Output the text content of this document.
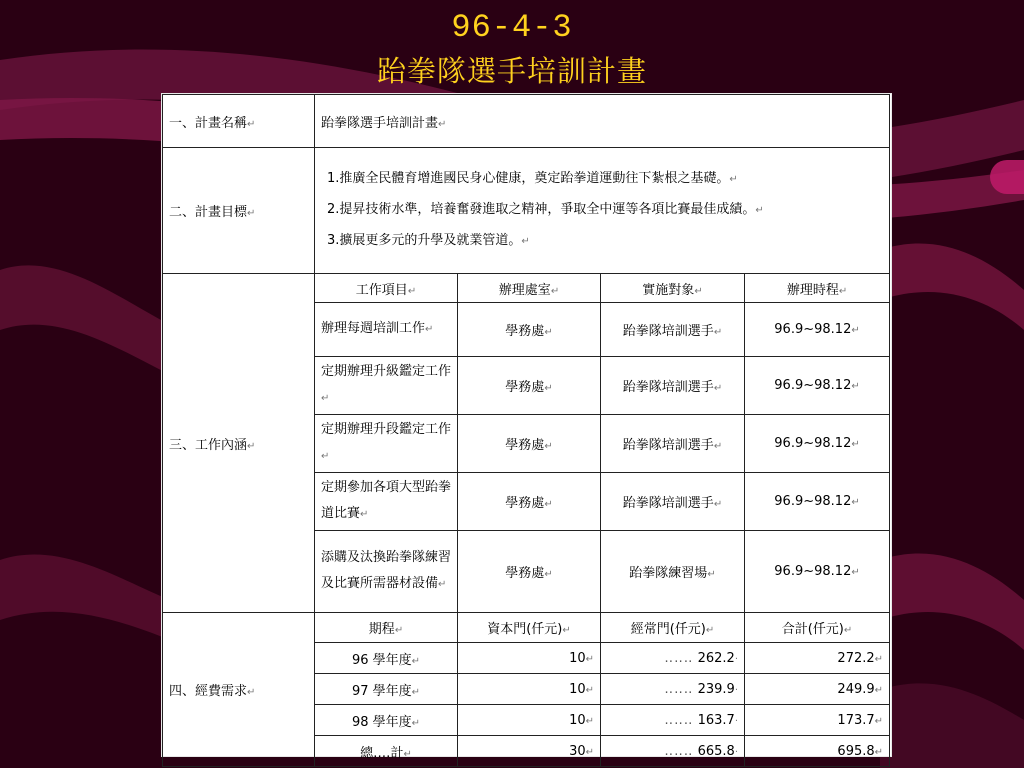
96-4-3
跆拳隊選手培訓計畫
一、計畫名稱↵	跆拳隊選手培訓計畫↵			
二、計畫目標↵	1.推廣全民體育增進國民身心健康，奠定跆拳道運動往下紮根之基礎。↵
2.提昇技術水準，培養奮發進取之精神，爭取全中運等各項比賽最佳成績。↵
3.擴展更多元的升學及就業管道。↵			

三、工作內涵↵	工作項目↵	辦理處室↵	實施對象↵	辦理時程↵
	辦理每週培訓工作↵	學務處↵	跆拳隊培訓選手↵	96.9~98.12↵
	定期辦理升級鑑定工作↵	學務處↵	跆拳隊培訓選手↵	96.9~98.12↵
	定期辦理升段鑑定工作↵	學務處↵	跆拳隊培訓選手↵	96.9~98.12↵
	定期參加各項大型跆拳道比賽↵	學務處↵	跆拳隊培訓選手↵	96.9~98.12↵
	添購及汰換跆拳隊練習及比賽所需器材設備↵	學務處↵	跆拳隊練習場↵	96.9~98.12↵
四、經費需求↵	期程↵	資本門(仟元)↵	經常門(仟元)↵	合計(仟元)↵
	96 學年度↵	10↵	‥‥‥ 262.2·	272.2↵
	97 學年度↵	10↵	‥‥‥ 239.9·	249.9↵
	98 學年度↵	10↵	‥‥‥ 163.7·	173.7↵
	總‥‥計↵	30↵	‥‥‥ 665.8·	695.8↵
